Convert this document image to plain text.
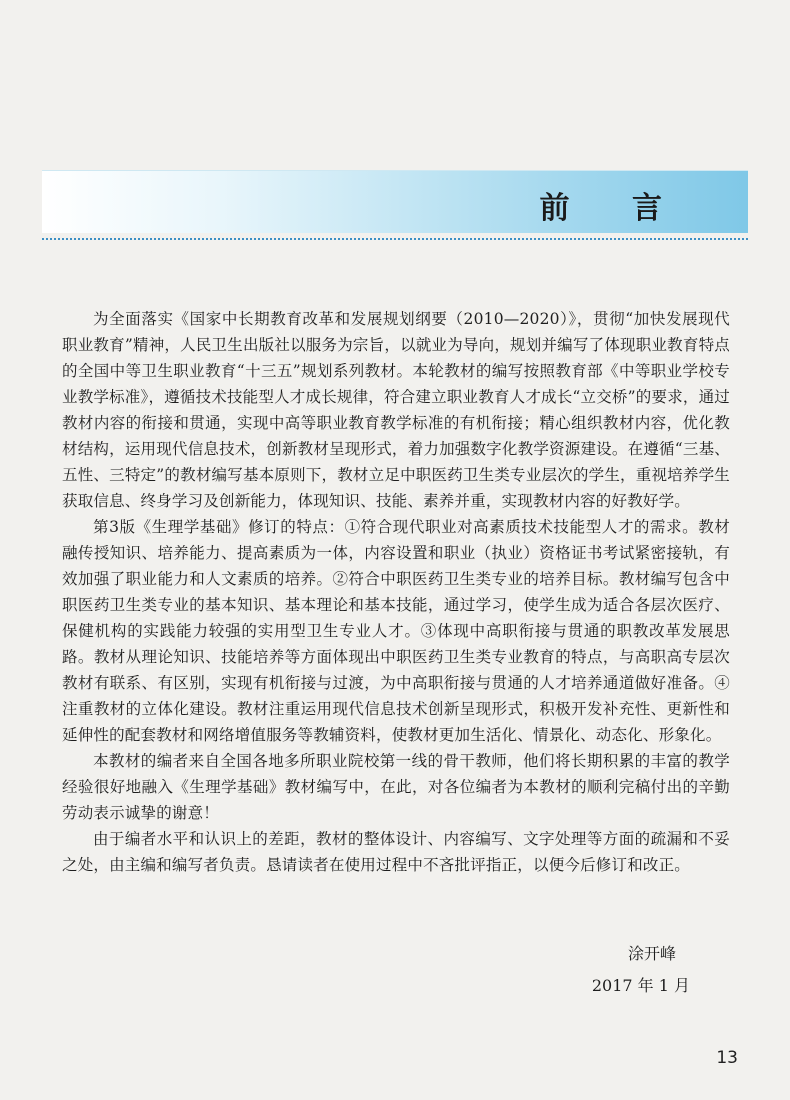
前 言

为全面落实《国家中长期教育改革和发展规划纲要（2010—2020）》，贯彻“加快发展现代职业教育”精神，人民卫生出版社以服务为宗旨，以就业为导向，规划并编写了体现职业教育特点的全国中等卫生职业教育“十三五”规划系列教材。本轮教材的编写按照教育部《中等职业学校专业教学标准》，遵循技术技能型人才成长规律，符合建立职业教育人才成长“立交桥”的要求，通过教材内容的衔接和贯通，实现中高等职业教育教学标准的有机衔接；精心组织教材内容，优化教材结构，运用现代信息技术，创新教材呈现形式，着力加强数字化教学资源建设。在遵循“三基、五性、三特定”的教材编写基本原则下，教材立足中职医药卫生类专业层次的学生，重视培养学生获取信息、终身学习及创新能力，体现知识、技能、素养并重，实现教材内容的好教好学。

第3版《生理学基础》修订的特点：①符合现代职业对高素质技术技能型人才的需求。教材融传授知识、培养能力、提高素质为一体，内容设置和职业（执业）资格证书考试紧密接轨，有效加强了职业能力和人文素质的培养。②符合中职医药卫生类专业的培养目标。教材编写包含中职医药卫生类专业的基本知识、基本理论和基本技能，通过学习，使学生成为适合各层次医疗、保健机构的实践能力较强的实用型卫生专业人才。③体现中高职衔接与贯通的职教改革发展思路。教材从理论知识、技能培养等方面体现出中职医药卫生类专业教育的特点，与高职高专层次教材有联系、有区别，实现有机衔接与过渡，为中高职衔接与贯通的人才培养通道做好准备。④注重教材的立体化建设。教材注重运用现代信息技术创新呈现形式，积极开发补充性、更新性和延伸性的配套教材和网络增值服务等教辅资料，使教材更加生活化、情景化、动态化、形象化。

本教材的编者来自全国各地多所职业院校第一线的骨干教师，他们将长期积累的丰富的教学经验很好地融入《生理学基础》教材编写中，在此，对各位编者为本教材的顺利完稿付出的辛勤劳动表示诚挚的谢意！

由于编者水平和认识上的差距，教材的整体设计、内容编写、文字处理等方面的疏漏和不妥之处，由主编和编写者负责。恳请读者在使用过程中不吝批评指正，以便今后修订和改正。

涂开峰
2017 年 1 月
13
